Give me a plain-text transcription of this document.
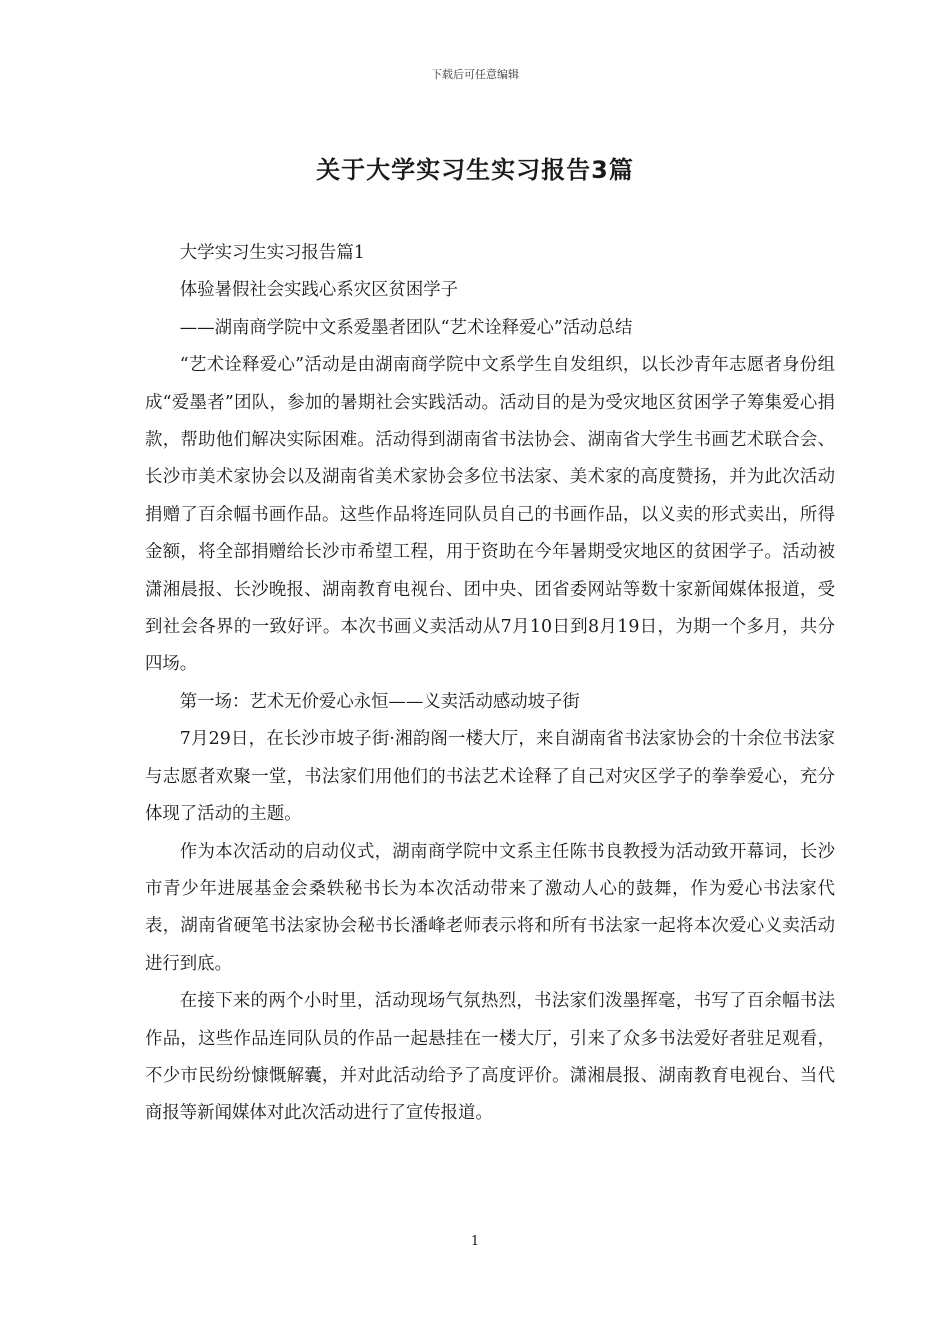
下载后可任意编辑
关于大学实习生实习报告3篇

大学实习生实习报告篇1

体验暑假社会实践心系灾区贫困学子

——湖南商学院中文系爱墨者团队“艺术诠释爱心”活动总结

“艺术诠释爱心”活动是由湖南商学院中文系学生自发组织，以长沙青年志愿者身份组成“爱墨者”团队，参加的暑期社会实践活动。活动目的是为受灾地区贫困学子筹集爱心捐款，帮助他们解决实际困难。活动得到湖南省书法协会、湖南省大学生书画艺术联合会、长沙市美术家协会以及湖南省美术家协会多位书法家、美术家的高度赞扬，并为此次活动捐赠了百余幅书画作品。这些作品将连同队员自己的书画作品，以义卖的形式卖出，所得金额，将全部捐赠给长沙市希望工程，用于资助在今年暑期受灾地区的贫困学子。活动被潇湘晨报、长沙晚报、湖南教育电视台、团中央、团省委网站等数十家新闻媒体报道，受到社会各界的一致好评。本次书画义卖活动从7月10日到8月19日，为期一个多月，共分四场。

第一场：艺术无价爱心永恒——义卖活动感动坡子街

7月29日，在长沙市坡子街·湘韵阁一楼大厅，来自湖南省书法家协会的十余位书法家与志愿者欢聚一堂，书法家们用他们的书法艺术诠释了自己对灾区学子的拳拳爱心，充分体现了活动的主题。

作为本次活动的启动仪式，湖南商学院中文系主任陈书良教授为活动致开幕词，长沙市青少年进展基金会桑轶秘书长为本次活动带来了激动人心的鼓舞，作为爱心书法家代表，湖南省硬笔书法家协会秘书长潘峰老师表示将和所有书法家一起将本次爱心义卖活动进行到底。

在接下来的两个小时里，活动现场气氛热烈，书法家们泼墨挥毫，书写了百余幅书法作品，这些作品连同队员的作品一起悬挂在一楼大厅，引来了众多书法爱好者驻足观看，不少市民纷纷慷慨解囊，并对此活动给予了高度评价。潇湘晨报、湖南教育电视台、当代商报等新闻媒体对此次活动进行了宣传报道。

1
